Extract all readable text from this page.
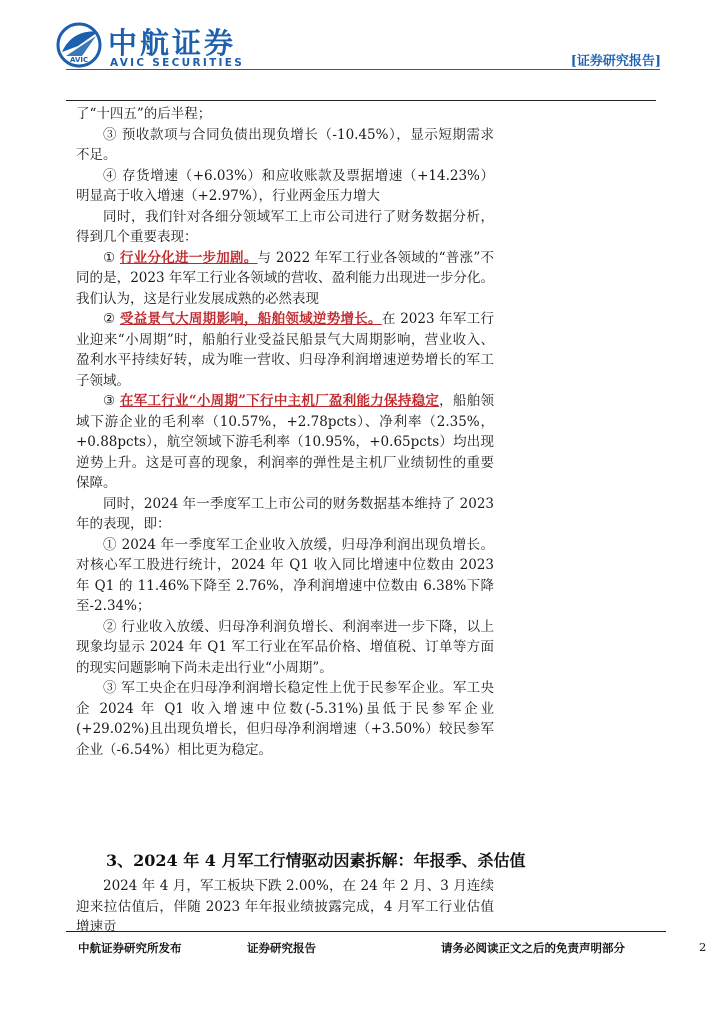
AVIC 中航证券
AVIC SECURITIES	[证券研究报告]

了“十四五”的后半程；

③ 预收款项与合同负债出现负增长（-10.45%），显示短期需求不足。

④ 存货增速（+6.03%）和应收账款及票据增速（+14.23%）明显高于收入增速（+2.97%），行业两金压力增大

同时，我们针对各细分领域军工上市公司进行了财务数据分析，得到几个重要表现：

① 行业分化进一步加剧。与 2022 年军工行业各领域的“普涨”不同的是，2023 年军工行业各领域的营收、盈利能力出现进一步分化。我们认为，这是行业发展成熟的必然表现

② 受益景气大周期影响，船舶领域逆势增长。在 2023 年军工行业迎来“小周期”时，船舶行业受益民船景气大周期影响，营业收入、盈利水平持续好转，成为唯一营收、归母净利润增速逆势增长的军工子领域。

③ 在军工行业“小周期”下行中主机厂盈利能力保持稳定，船舶领域下游企业的毛利率（10.57%，+2.78pcts）、净利率（2.35%，+0.88pcts），航空领域下游毛利率（10.95%，+0.65pcts）均出现逆势上升。这是可喜的现象，利润率的弹性是主机厂业绩韧性的重要保障。

同时，2024 年一季度军工上市公司的财务数据基本维持了 2023 年的表现，即：

① 2024 年一季度军工企业收入放缓，归母净利润出现负增长。对核心军工股进行统计，2024 年 Q1 收入同比增速中位数由 2023 年 Q1 的 11.46%下降至 2.76%，净利润增速中位数由 6.38%下降至-2.34%；

② 行业收入放缓、归母净利润负增长、利润率进一步下降，以上现象均显示 2024 年 Q1 军工行业在军品价格、增值税、订单等方面的现实问题影响下尚未走出行业“小周期”。

③ 军工央企在归母净利润增长稳定性上优于民参军企业。军工央企 2024 年 Q1 收入增速中位数(-5.31%)虽低于民参军企业(+29.02%)且出现负增长，但归母净利润增速（+3.50%）较民参军企业（-6.54%）相比更为稳定。

3、2024 年 4 月军工行情驱动因素拆解：年报季、杀估值

2024 年 4 月，军工板块下跌 2.00%，在 24 年 2 月、3 月连续迎来拉估值后，伴随 2023 年年报业绩披露完成，4 月军工行业估值增速贡

中航证券研究所发布	证券研究报告	请务必阅读正文之后的免责声明部分	2
